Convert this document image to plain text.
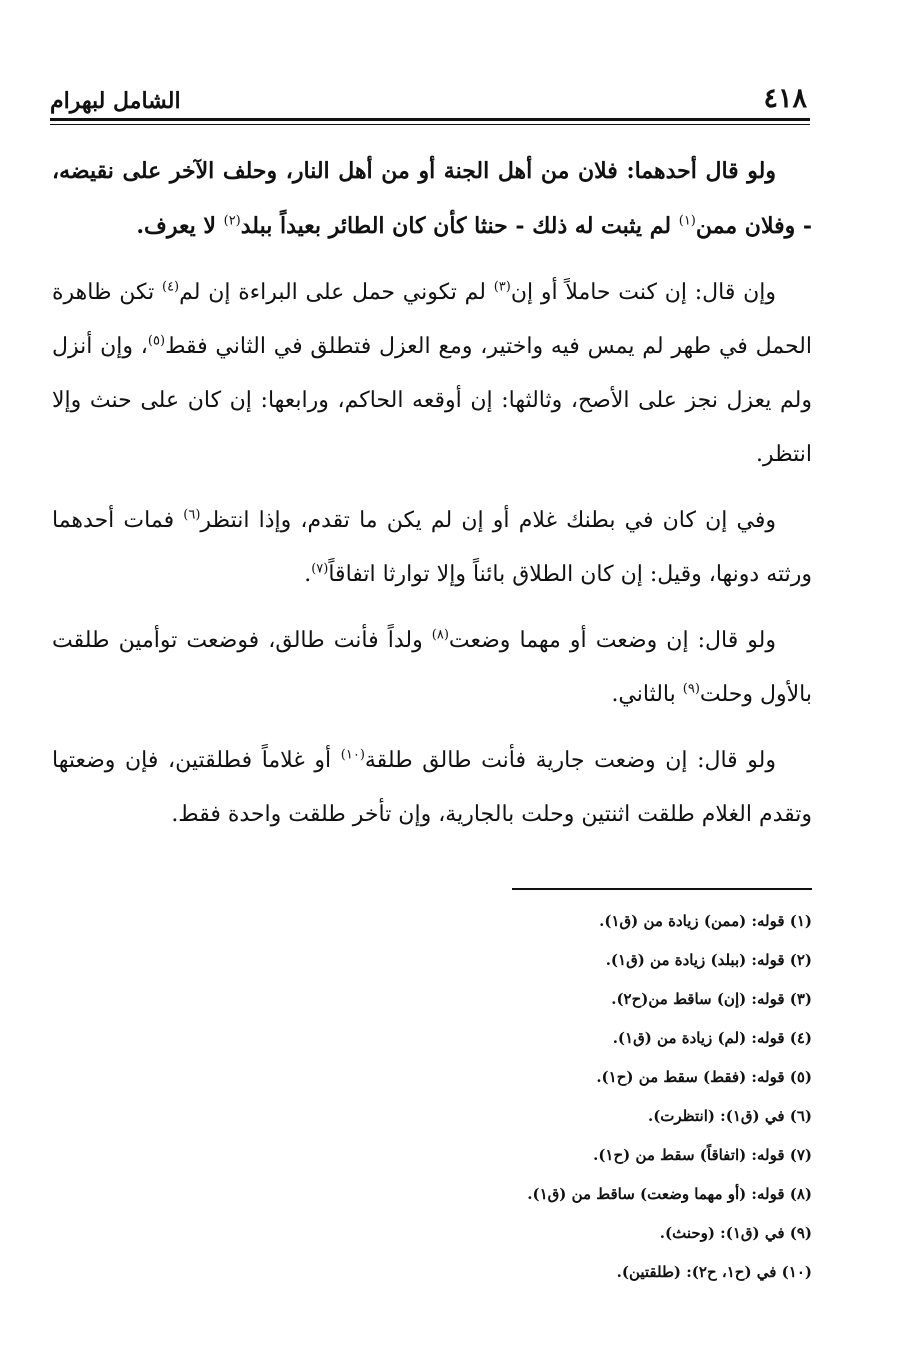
٤١٨
الشامل لبهرام

ولو قال أحدهما: فلان من أهل الجنة أو من أهل النار، وحلف الآخر على نقيضه، - وفلان ممن$^{(١)}$ لم يثبت له ذلك - حنثا كأن كان الطائر بعيداً ببلد$^{(٢)}$ لا يعرف.

وإن قال: إن كنت حاملاً أو إن$^{(٣)}$ لم تكوني حمل على البراءة إن لم$^{(٤)}$ تكن ظاهرة الحمل في طهر لم يمس فيه واختير، ومع العزل فتطلق في الثاني فقط$^{(٥)}$، وإن أنزل ولم يعزل نجز على الأصح، وثالثها: إن أوقعه الحاكم، ورابعها: إن كان على حنث وإلا انتظر.

وفي إن كان في بطنك غلام أو إن لم يكن ما تقدم، وإذا انتظر$^{(٦)}$ فمات أحدهما ورثته دونها، وقيل: إن كان الطلاق بائناً وإلا توارثا اتفاقاً$^{(٧)}$.

ولو قال: إن وضعت أو مهما وضعت$^{(٨)}$ ولداً فأنت طالق، فوضعت توأمين طلقت بالأول وحلت$^{(٩)}$ بالثاني.

ولو قال: إن وضعت جارية فأنت طالق طلقة$^{(١٠)}$ أو غلاماً فطلقتين، فإن وضعتها وتقدم الغلام طلقت اثنتين وحلت بالجارية، وإن تأخر طلقت واحدة فقط.

(١) قوله: (ممن) زيادة من (ق١).
(٢) قوله: (ببلد) زيادة من (ق١).
(٣) قوله: (إن) ساقط من(ح٢).
(٤) قوله: (لم) زيادة من (ق١).
(٥) قوله: (فقط) سقط من (ح١).
(٦) في (ق١): (انتظرت).
(٧) قوله: (اتفاقاً) سقط من (ح١).
(٨) قوله: (أو مهما وضعت) ساقط من (ق١).
(٩) في (ق١): (وحنث).
(١٠) في (ح١، ح٢): (طلقتين).
